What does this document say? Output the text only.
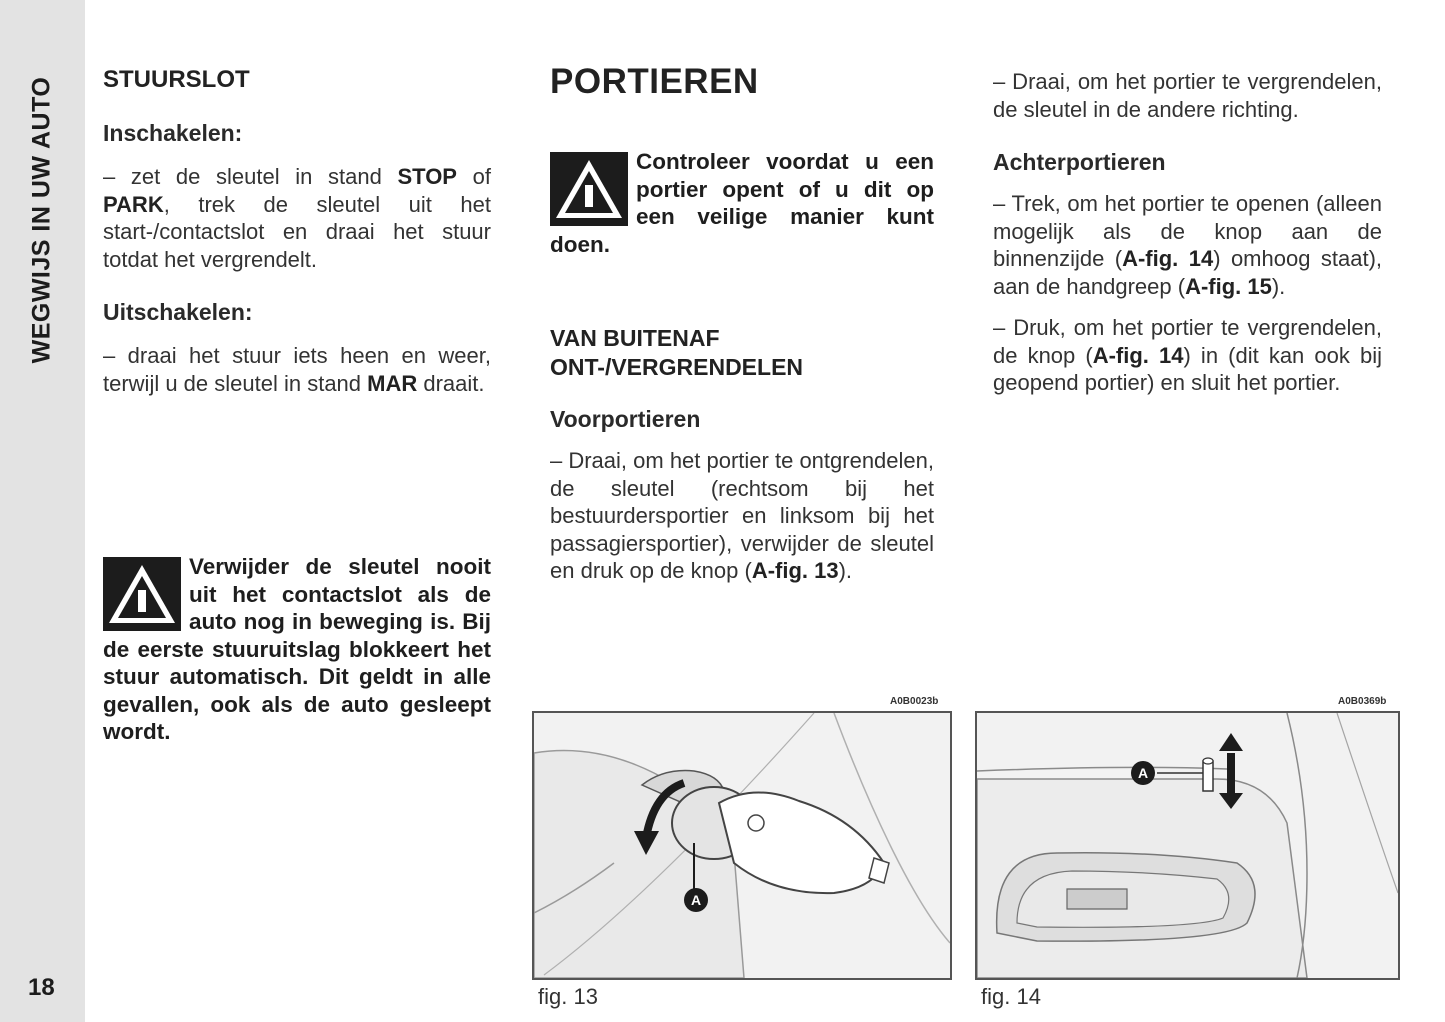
WEGWIJS IN UW AUTO
18
STUURSLOT
Inschakelen:

– zet de sleutel in stand STOP of PARK, trek de sleutel uit het start-/contactslot en draai het stuur totdat het vergrendelt.

Uitschakelen:

– draai het stuur iets heen en weer, terwijl u de sleutel in stand MAR draait.

Verwijder de sleutel nooit uit het contactslot als de auto nog in beweging is. Bij de eerste stuuruitslag blokkeert het stuur automatisch. Dit geldt in alle gevallen, ook als de auto gesleept wordt.
PORTIEREN
Controleer voordat u een portier opent of u dit op een veilige manier kunt doen.
VAN BUITENAF ONT-/VERGRENDELEN
Voorportieren

– Draai, om het portier te ontgrendelen, de sleutel (rechtsom bij het bestuurdersportier en linksom bij het passagiersportier), verwijder de sleutel en druk op de knop (A-fig. 13).

– Draai, om het portier te vergrendelen, de sleutel in de andere richting.

Achterportieren

– Trek, om het portier te openen (alleen mogelijk als de knop aan de binnenzijde (A-fig. 14) omhoog staat), aan de handgreep (A-fig. 15).

– Druk, om het portier te vergrendelen, de knop (A-fig. 14) in (dit kan ook bij geopend portier) en sluit het portier.

A0B0023b
A
fig. 13
A0B0369b
A
fig. 14
